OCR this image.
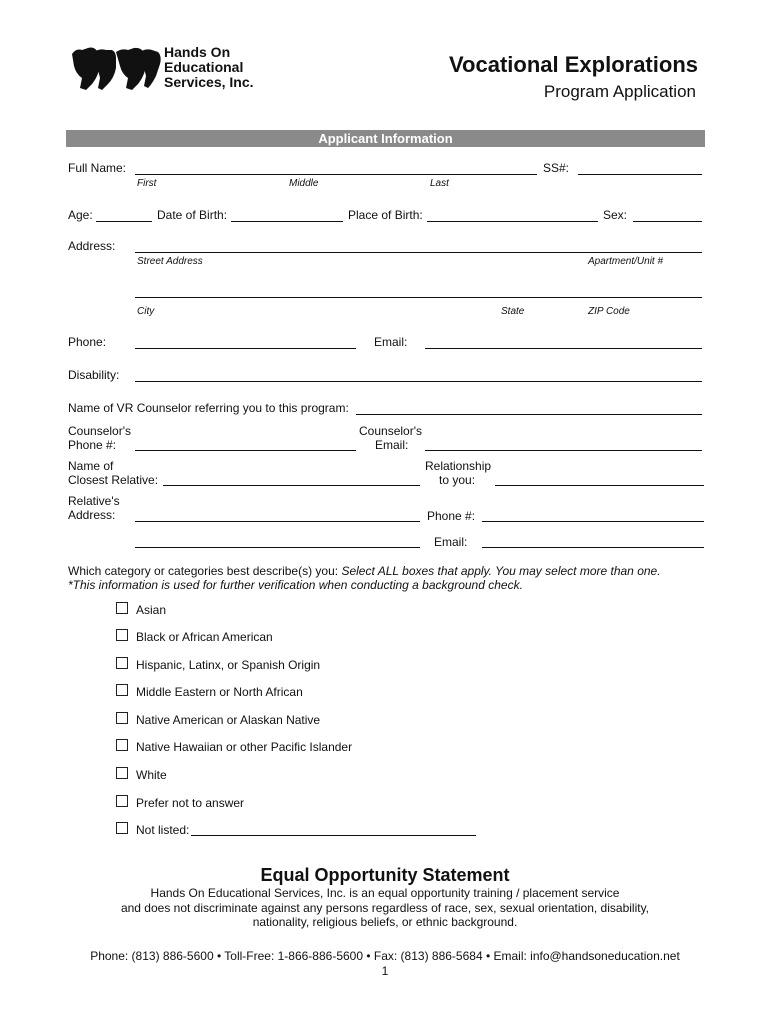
Hands On
Educational
Services, Inc.
Vocational Explorations
Program Application
Applicant Information
Full Name:
First	Middle	Last
SS#:
Age:	Date of Birth:	Place of Birth:	Sex:
Address:
Street Address	Apartment/Unit #
City	State	ZIP Code
Phone:	Email:
Disability:
Name of VR Counselor referring you to this program:
Counselor's
Phone #:
Counselor's
Email:
Name of
Closest Relative:
Relationship
to you:
Relative's
Address:	Phone #:
Email:
Which category or categories best describe(s) you: Select ALL boxes that apply. You may select more than one.
*This information is used for further verification when conducting a background check.
Asian
Black or African American
Hispanic, Latinx, or Spanish Origin
Middle Eastern or North African
Native American or Alaskan Native
Native Hawaiian or other Pacific Islander
White
Prefer not to answer
Not listed:
Equal Opportunity Statement
Hands On Educational Services, Inc. is an equal opportunity training / placement service
and does not discriminate against any persons regardless of race, sex, sexual orientation, disability,
nationality, religious beliefs, or ethnic background.
Phone: (813) 886-5600 • Toll-Free: 1-866-886-5600 • Fax: (813) 886-5684 • Email: info@handsoneducation.net
1
